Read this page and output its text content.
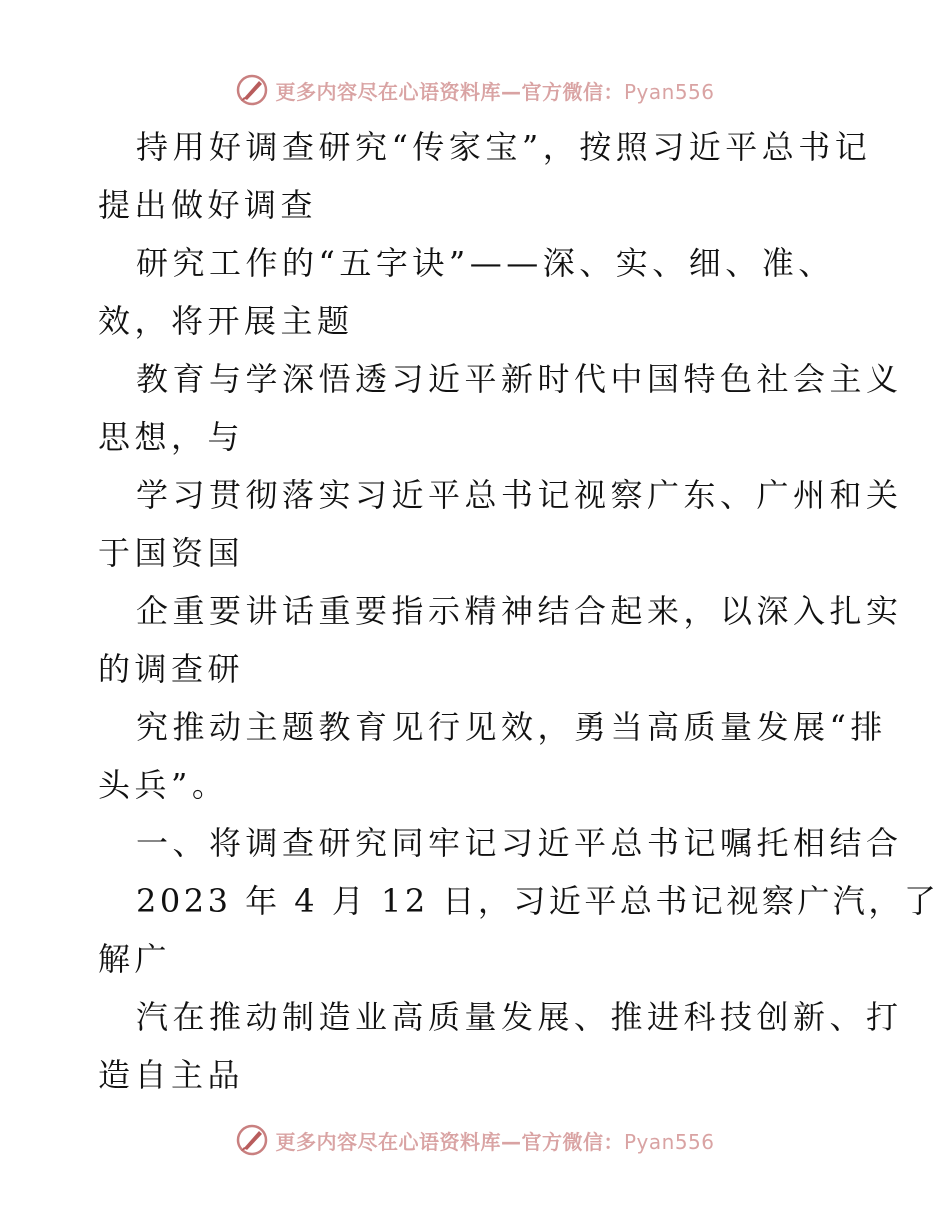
更多内容尽在心语资料库—官方微信：Pyan556
持用好调查研究“传家宝”，按照习近平总书记
提出做好调查
研究工作的“五字诀”——深、实、细、准、
效，将开展主题
教育与学深悟透习近平新时代中国特色社会主义
思想，与
学习贯彻落实习近平总书记视察广东、广州和关
于国资国
企重要讲话重要指示精神结合起来，以深入扎实
的调查研
究推动主题教育见行见效，勇当高质量发展“排
头兵”。
一、将调查研究同牢记习近平总书记嘱托相结合
2023 年 4 月 12 日，习近平总书记视察广汽，了
解广
汽在推动制造业高质量发展、推进科技创新、打
造自主品
更多内容尽在心语资料库—官方微信：Pyan556
